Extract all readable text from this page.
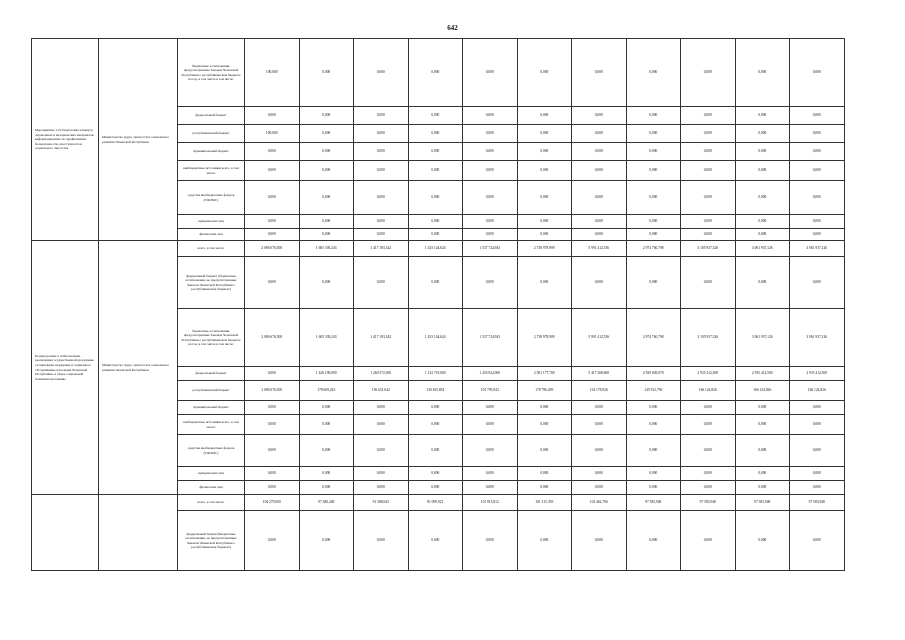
642
Мероприятие 1.10 Подготовка и выпуск справочных и методических материалов, информационных по профилактике безнадзорности, преступности и социального сиротства	Министерство труда, занятости и социального развития Чеченской Республики	бюджетные ассигнования, предусмотренные Законом Чеченской Республики о республиканском бюджете на год, в том числе в том числе:	100,000	0,000	0,000	0,000	0,000	0,000	0,000	0,000	0,000	0,000	0,000
		федеральный бюджет	0,000	0,000	0,000	0,000	0,000	0,000	0,000	0,000	0,000	0,000	0,000
		республиканский бюджет	100,000	0,000	0,000	0,000	0,000	0,000	0,000	0,000	0,000	0,000	0,000
		муниципальный бюджет	0,000	0,000	0,000	0,000	0,000	0,000	0,000	0,000	0,000	0,000	0,000
		внебюджетные источники всего, в том числе:	0,000	0,000	0,000	0,000	0,000	0,000	0,000	0,000	0,000	0,000	0,000
		средства внебюджетных фондов (ТФОМС)	0,000	0,000	0,000	0,000	0,000	0,000	0,000	0,000	0,000	0,000	0,000
		юридических лиц	0,000	0,000	0,000	0,000	0,000	0,000	0,000	0,000	0,000	0,000	0,000
		физических лиц	0,000	0,000	0,000	0,000	0,000	0,000	0,000	0,000	0,000	0,000	0,000
Подпрограмма 2 «Обеспечение реализации государственной программы «Социальная поддержка и социальное обслуживание населения Чеченской Республики» в сфере социальной политики населения»	Министерство труда, занятости и социального развития Чеченской Республики	всего, в том числе:	2 086 676,500	1 605 339,243	1 417 183,342	1 433 144,624	1 537 724,943	2 738 978,909	5 991 412,536	2 974 760,798	3 105 937,326	3 061 937,126	3 061 937,126
		федеральный бюджет (бюджетные ассигнования, не предусмотренные Законом Чеченской Республики о республиканском бюджете)	0,000	0,000	0,000	0,000	0,000	0,000	0,000	0,000	0,000	0,000	0,000
		бюджетные ассигнования, предусмотренные Законом Чеченской Республики о республиканском бюджете на год, в том числе в том числе:	2 086 676,500	1 605 339,243	1 417 183,342	1 433 144,624	1 537 724,943	2 738 978,909	5 991 412,536	2 974 760,798	3 105 937,326	3 061 937,126	3 061 937,126
		федеральный бюджет	0,000	1 426 190,000	1 260 572,300	1 132 719,000	1 435 922,000	2 581 177,700	5 417 268,600	2 929 049,070	2 935 412,500	2 935 412,500	2 935 412,500
		республиканский бюджет	2 086 676,500	178 669,243	156 631,042	130 165,854	101 795,943	178 796,209	134 178,926	145 532,796	166 124,826	166 124,826	166 124,826
		муниципальный бюджет	0,000	0,000	0,000	0,000	0,000	0,000	0,000	0,000	0,000	0,000	0,000
		внебюджетные источники всего, в том числе:	0,000	0,000	0,000	0,000	0,000	0,000	0,000	0,000	0,000	0,000	0,000
		средства внебюджетных фондов (ТФОМС)	0,000	0,000	0,000	0,000	0,000	0,000	0,000	0,000	0,000	0,000	0,000
		юридических лиц	0,000	0,000	0,000	0,000	0,000	0,000	0,000	0,000	0,000	0,000	0,000
		физических лиц	0,000	0,000	0,000	0,000	0,000	0,000	0,000	0,000	0,000	0,000	0,000
		всего, в том числе:	104 279,000	97 380,430	91 388,043	81 099,921	101 915,812	101 315,359	103 462,796	97 583,948	97 583,948	97 583,948	97 583,948
		федеральный бюджет(бюджетные ассигнования, не предусмотренные Законом Чеченской Республики о республиканском бюджете)	0,000	0,000	0,000	0,000	0,000	0,000	0,000	0,000	0,000	0,000	0,000
